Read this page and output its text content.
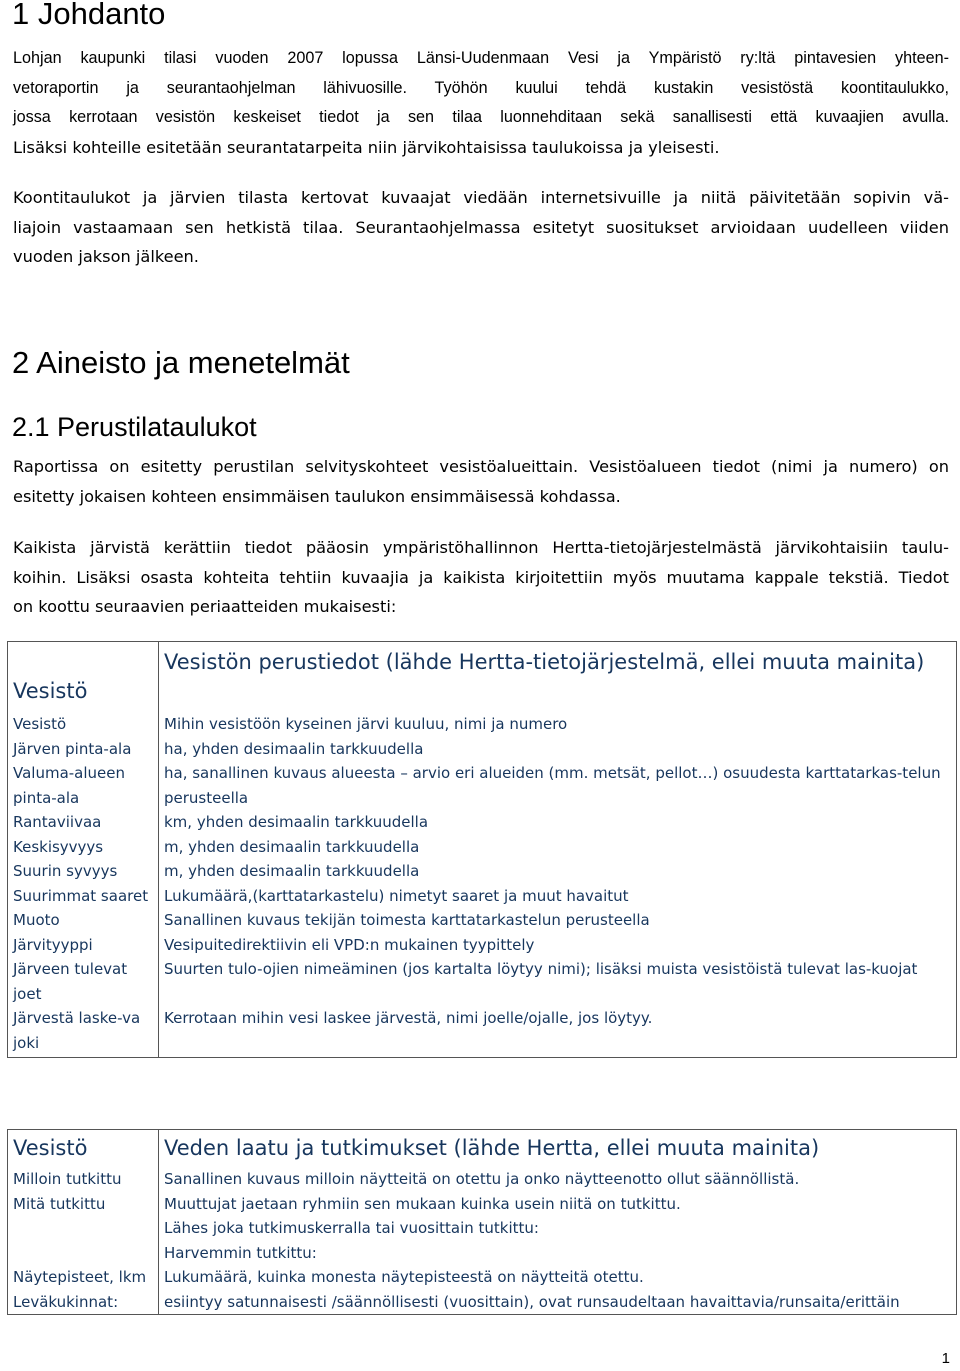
1 Johdanto
Lohjan kaupunki tilasi vuoden 2007 lopussa Länsi-Uudenmaan Vesi ja Ympäristö ry:ltä pintavesien yhteen-
vetoraportin ja seurantaohjelman lähivuosille. Työhön kuului tehdä kustakin vesistöstä koontitaulukko,
jossa kerrotaan vesistön keskeiset tiedot ja sen tilaa luonnehditaan sekä sanallisesti että kuvaajien avulla.
Lisäksi kohteille esitetään seurantatarpeita niin järvikohtaisissa taulukoissa ja yleisesti.
Koontitaulukot ja järvien tilasta kertovat kuvaajat viedään internetsivuille ja niitä päivitetään sopivin vä-
liajoin vastaamaan sen hetkistä tilaa. Seurantaohjelmassa esitetyt suositukset arvioidaan uudelleen viiden
vuoden jakson jälkeen.
2 Aineisto ja menetelmät
2.1 Perustilataulukot
Raportissa on esitetty perustilan selvityskohteet vesistöalueittain. Vesistöalueen tiedot (nimi ja numero) on
esitetty jokaisen kohteen ensimmäisen taulukon ensimmäisessä kohdassa.
Kaikista järvistä kerättiin tiedot pääosin ympäristöhallinnon Hertta-tietojärjestelmästä järvikohtaisiin taulu-
koihin. Lisäksi osasta kohteita tehtiin kuvaajia ja kaikista kirjoitettiin myös muutama kappale tekstiä. Tiedot
on koottu seuraavien periaatteiden mukaisesti:
Vesistö	Vesistön perustiedot (lähde Hertta-tietojärjestelmä, ellei muuta mainita)
Vesistö	Mihin vesistöön kyseinen järvi kuuluu, nimi ja numero
Järven pinta-ala	ha, yhden desimaalin tarkkuudella
Valuma-alueen pinta-ala	ha, sanallinen kuvaus alueesta – arvio eri alueiden (mm. metsät, pellot…) osuudesta karttatarkas-telun perusteella
Rantaviivaa	km, yhden desimaalin tarkkuudella
Keskisyvyys	m, yhden desimaalin tarkkuudella
Suurin syvyys	m, yhden desimaalin tarkkuudella
Suurimmat saaret	Lukumäärä,(karttatarkastelu) nimetyt saaret ja muut havaitut
Muoto	Sanallinen kuvaus tekijän toimesta karttatarkastelun perusteella
Järvityyppi	Vesipuitedirektiivin eli VPD:n mukainen tyypittely
Järveen tulevat joet	Suurten tulo-ojien nimeäminen (jos kartalta löytyy nimi); lisäksi muista vesistöistä tulevat las-kuojat
Järvestä laske-va joki	Kerrotaan mihin vesi laskee järvestä, nimi joelle/ojalle, jos löytyy.
Vesistö	Veden laatu ja tutkimukset (lähde Hertta, ellei muuta mainita)
Milloin tutkittu	Sanallinen kuvaus milloin näytteitä on otettu ja onko näytteenotto ollut säännöllistä.

Mitä tutkittu	Muuttujat jaetaan ryhmiin sen mukaan kuinka usein niitä on tutkittu.
Lähes joka tutkimuskerralla tai vuosittain tutkittu:
Harvemmin tutkittu:

Näytepisteet, lkm	Lukumäärä, kuinka monesta näytepisteestä on näytteitä otettu.

Leväkukinnat:	esiintyy satunnaisesti /säännöllisesti (vuosittain), ovat runsaudeltaan havaittavia/runsaita/erittäin
1
